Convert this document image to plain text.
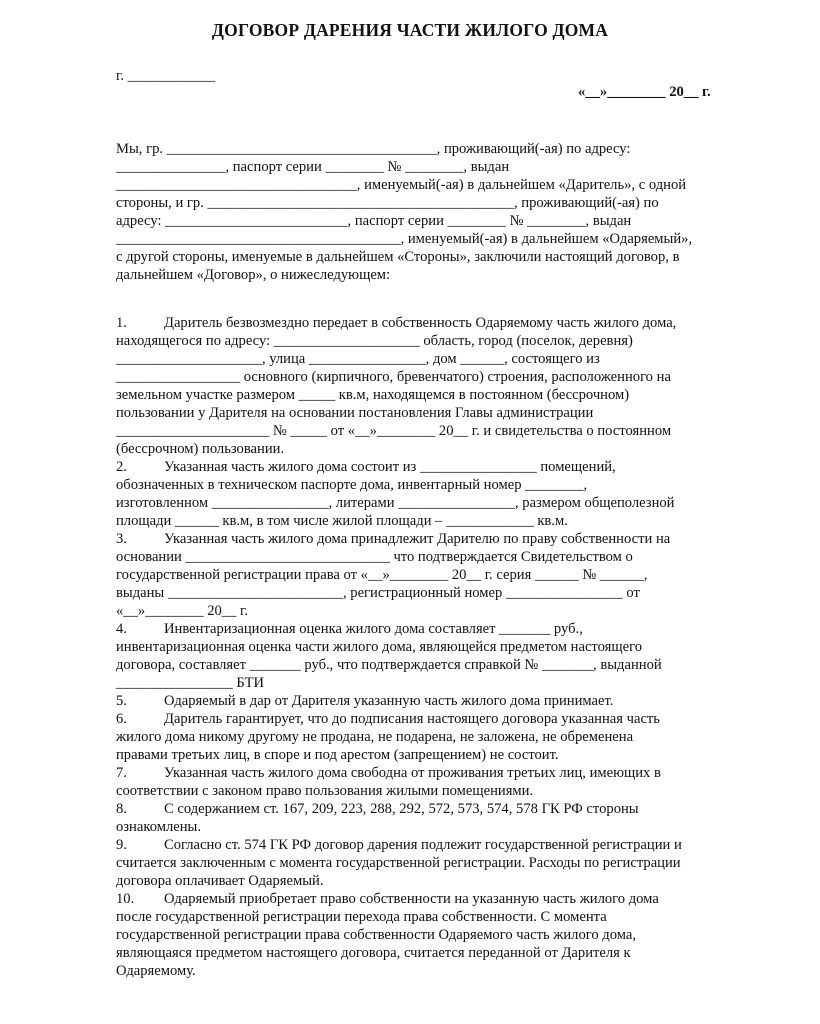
ДОГОВОР ДАРЕНИЯ ЧАСТИ ЖИЛОГО ДОМА
г. ____________
«__»________ 20__ г.
Мы, гр. _____________________________________, проживающий(-ая) по адресу:
_______________, паспорт серии ________ № ________, выдан
_________________________________, именуемый(-ая) в дальнейшем «Даритель», с одной
стороны, и гр. __________________________________________, проживающий(-ая) по
адресу: _________________________, паспорт серии ________ № ________, выдан
_______________________________________, именуемый(-ая) в дальнейшем «Одаряемый»,
с другой стороны, именуемые в дальнейшем «Стороны», заключили настоящий договор, в
дальнейшем «Договор», о нижеследующем:
1.	Даритель безвозмездно передает в собственность Одаряемому часть жилого дома,
находящегося по адресу: ____________________ область, город (поселок, деревня)
____________________, улица ________________, дом ______, состоящего из
_________________ основного (кирпичного, бревенчатого) строения, расположенного на
земельном участке размером _____ кв.м, находящемся в постоянном (бессрочном)
пользовании у Дарителя на основании постановления Главы администрации
_____________________ № _____ от «__»________ 20__ г. и свидетельства о постоянном
(бессрочном) пользовании.
2.	Указанная часть жилого дома состоит из ________________ помещений,
обозначенных в техническом паспорте дома, инвентарный номер ________,
изготовленном ________________, литерами ________________, размером общеполезной
площади ______ кв.м, в том числе жилой площади – ____________ кв.м.
3.	Указанная часть жилого дома принадлежит Дарителю по праву собственности на
основании ____________________________ что подтверждается Свидетельством о
государственной регистрации права от «__»________ 20__ г. серия ______ № ______,
выданы ________________________, регистрационный номер ________________ от
«__»________ 20__ г.
4.	Инвентаризационная оценка жилого дома составляет _______ руб.,
инвентаризационная оценка части жилого дома, являющейся предметом настоящего
договора, составляет _______ руб., что подтверждается справкой № _______, выданной
________________ БТИ
5.	Одаряемый в дар от Дарителя указанную часть жилого дома принимает.
6.	Даритель гарантирует, что до подписания настоящего договора указанная часть
жилого дома никому другому не продана, не подарена, не заложена, не обременена
правами третьих лиц, в споре и под арестом (запрещением) не состоит.
7.	Указанная часть жилого дома свободна от проживания третьих лиц, имеющих в
соответствии с законом право пользования жилыми помещениями.
8.	С содержанием ст. 167, 209, 223, 288, 292, 572, 573, 574, 578 ГК РФ стороны
ознакомлены.
9.	Согласно ст. 574 ГК РФ договор дарения подлежит государственной регистрации и
считается заключенным с момента государственной регистрации. Расходы по регистрации
договора оплачивает Одаряемый.
10. Одаряемый приобретает право собственности на указанную часть жилого дома
после государственной регистрации перехода права собственности. С момента
государственной регистрации права собственности Одаряемого часть жилого дома,
являющаяся предметом настоящего договора, считается переданной от Дарителя к
Одаряемому.
